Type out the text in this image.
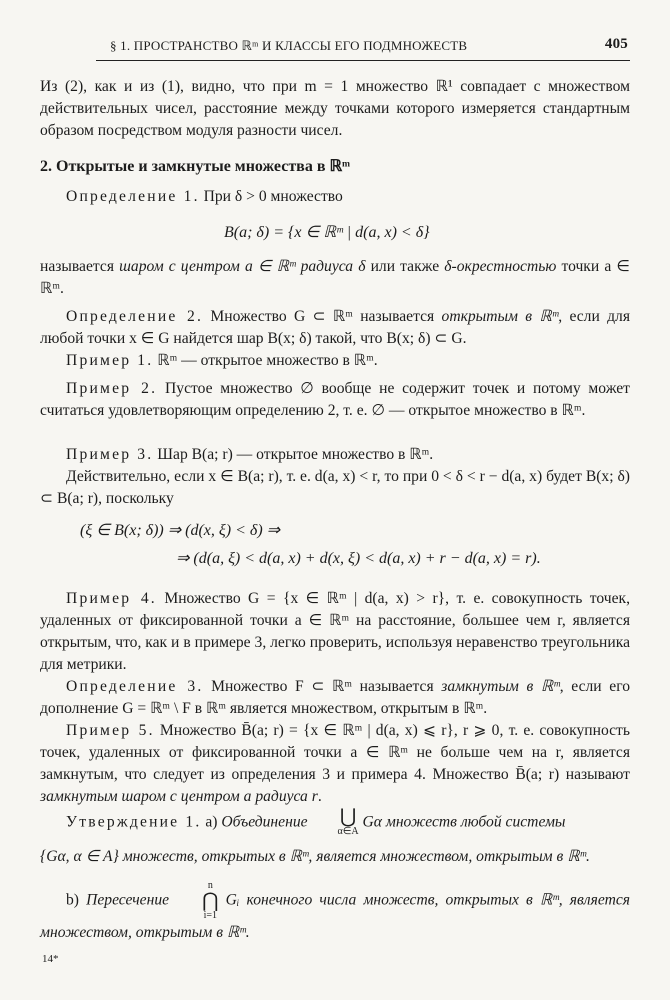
§ 1. ПРОСТРАНСТВО ℝᵐ И КЛАССЫ ЕГО ПОДМНОЖЕСТВ	405

Из (2), как и из (1), видно, что при m = 1 множество ℝ¹ совпадает с множеством действительных чисел, расстояние между точками которого измеряется стандартным образом посредством модуля разности чисел.

2. Открытые и замкнутые множества в ℝᵐ

Определение 1. При δ > 0 множество

B(a; δ) = {x ∈ ℝᵐ | d(a, x) < δ}

называется шаром с центром a ∈ ℝᵐ радиуса δ или также δ-окрестностью точки a ∈ ℝᵐ.

Определение 2. Множество G ⊂ ℝᵐ называется открытым в ℝᵐ, если для любой точки x ∈ G найдется шар B(x; δ) такой, что B(x; δ) ⊂ G.

Пример 1. ℝᵐ — открытое множество в ℝᵐ.

Пример 2. Пустое множество ∅ вообще не содержит точек и потому может считаться удовлетворяющим определению 2, т. е. ∅ — открытое множество в ℝᵐ.

Пример 3. Шар B(a; r) — открытое множество в ℝᵐ.

Действительно, если x ∈ B(a; r), т. е. d(a, x) < r, то при 0 < δ < r − d(a, x) будет B(x; δ) ⊂ B(a; r), поскольку

(ξ ∈ B(x; δ)) ⇒ (d(x, ξ) < δ) ⇒
⇒ (d(a, ξ) < d(a, x) + d(x, ξ) < d(a, x) + r − d(a, x) = r).

Пример 4. Множество G = {x ∈ ℝᵐ | d(a, x) > r}, т. е. совокупность точек, удаленных от фиксированной точки a ∈ ℝᵐ на расстояние, большее чем r, является открытым, что, как и в примере 3, легко проверить, используя неравенство треугольника для метрики.

Определение 3. Множество F ⊂ ℝᵐ называется замкнутым в ℝᵐ, если его дополнение G = ℝᵐ \ F в ℝᵐ является множеством, открытым в ℝᵐ.

Пример 5. Множество B̄(a; r) = {x ∈ ℝᵐ | d(a, x) ⩽ r}, r ⩾ 0, т. е. совокупность точек, удаленных от фиксированной точки a ∈ ℝᵐ не больше чем на r, является замкнутым, что следует из определения 3 и примера 4. Множество B̄(a; r) называют замкнутым шаром с центром a радиуса r.

Утверждение 1. a) Объединение	⋃
α∈A
Gα множеств любой системы

{Gα, α ∈ A} множеств, открытых в ℝᵐ, является множеством, открытым в ℝᵐ.

b) Пересечение
n
⋂
i=1
Gᵢ конечного числа множеств, открытых в ℝᵐ, является множеством, открытым в ℝᵐ.

14*
